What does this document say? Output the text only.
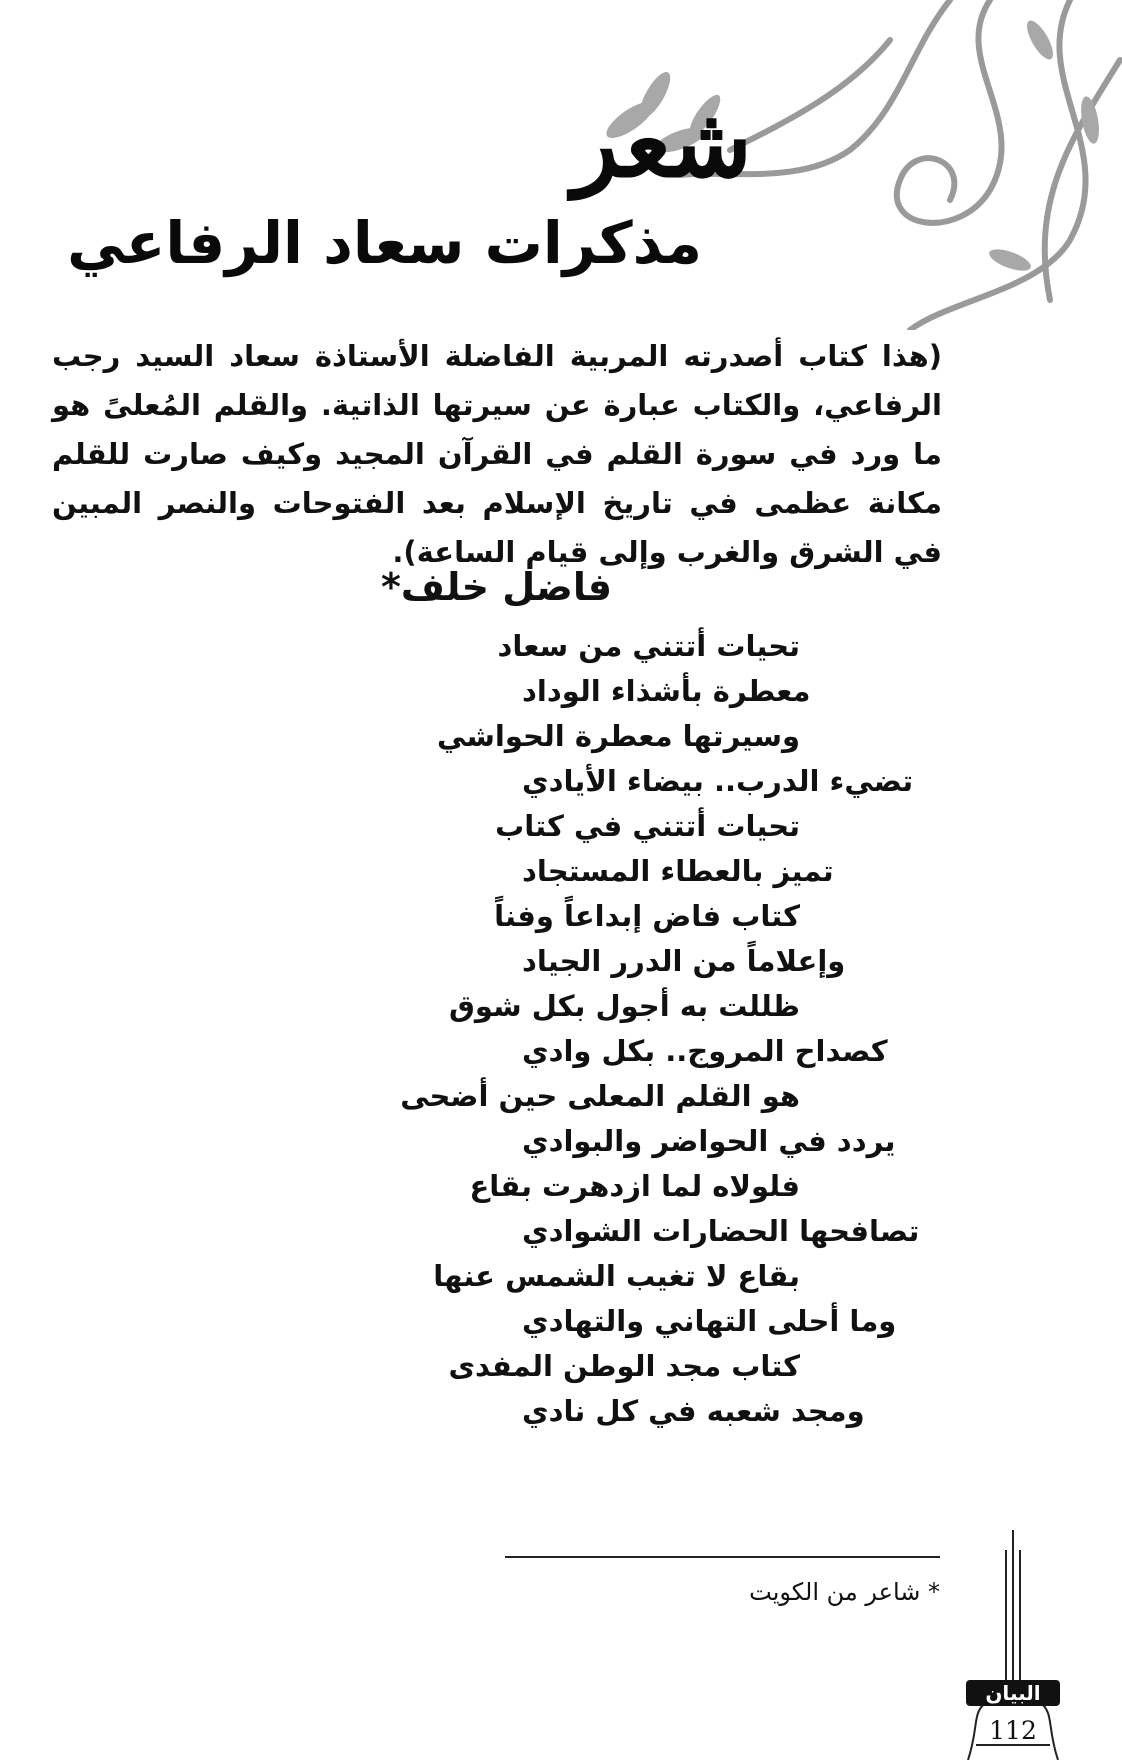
شعر
مذكرات سعاد الرفاعي

(هذا كتاب أصدرته المربية الفاضلة الأستاذة سعاد السيد رجب الرفاعي، والكتاب عبارة عن سيرتها الذاتية. والقلم المُعلىً هو ما ورد في سورة القلم في القرآن المجيد وكيف صارت للقلم مكانة عظمى في تاريخ الإسلام بعد الفتوحات والنصر المبين في الشرق والغرب وإلى قيام الساعة).

فاضل خلف*
تحيات أتتني من سعاد
معطرة بأشذاء الوداد
وسيرتها معطرة الحواشي
تضيء الدرب.. بيضاء الأيادي
تحيات أتتني في كتاب
تميز بالعطاء المستجاد
كتاب فاض إبداعاً وفناً
وإعلاماً من الدرر الجياد
ظللت به أجول بكل شوق
كصداح المروج.. بكل وادي
هو القلم المعلى حين أضحى
يردد في الحواضر والبوادي
فلولاه لما ازدهرت بقاع
تصافحها الحضارات الشوادي
بقاع لا تغيب الشمس عنها
وما أحلى التهاني والتهادي
كتاب مجد الوطن المفدى
ومجد شعبه في كل نادي

* شاعر من الكويت

البيان
112
